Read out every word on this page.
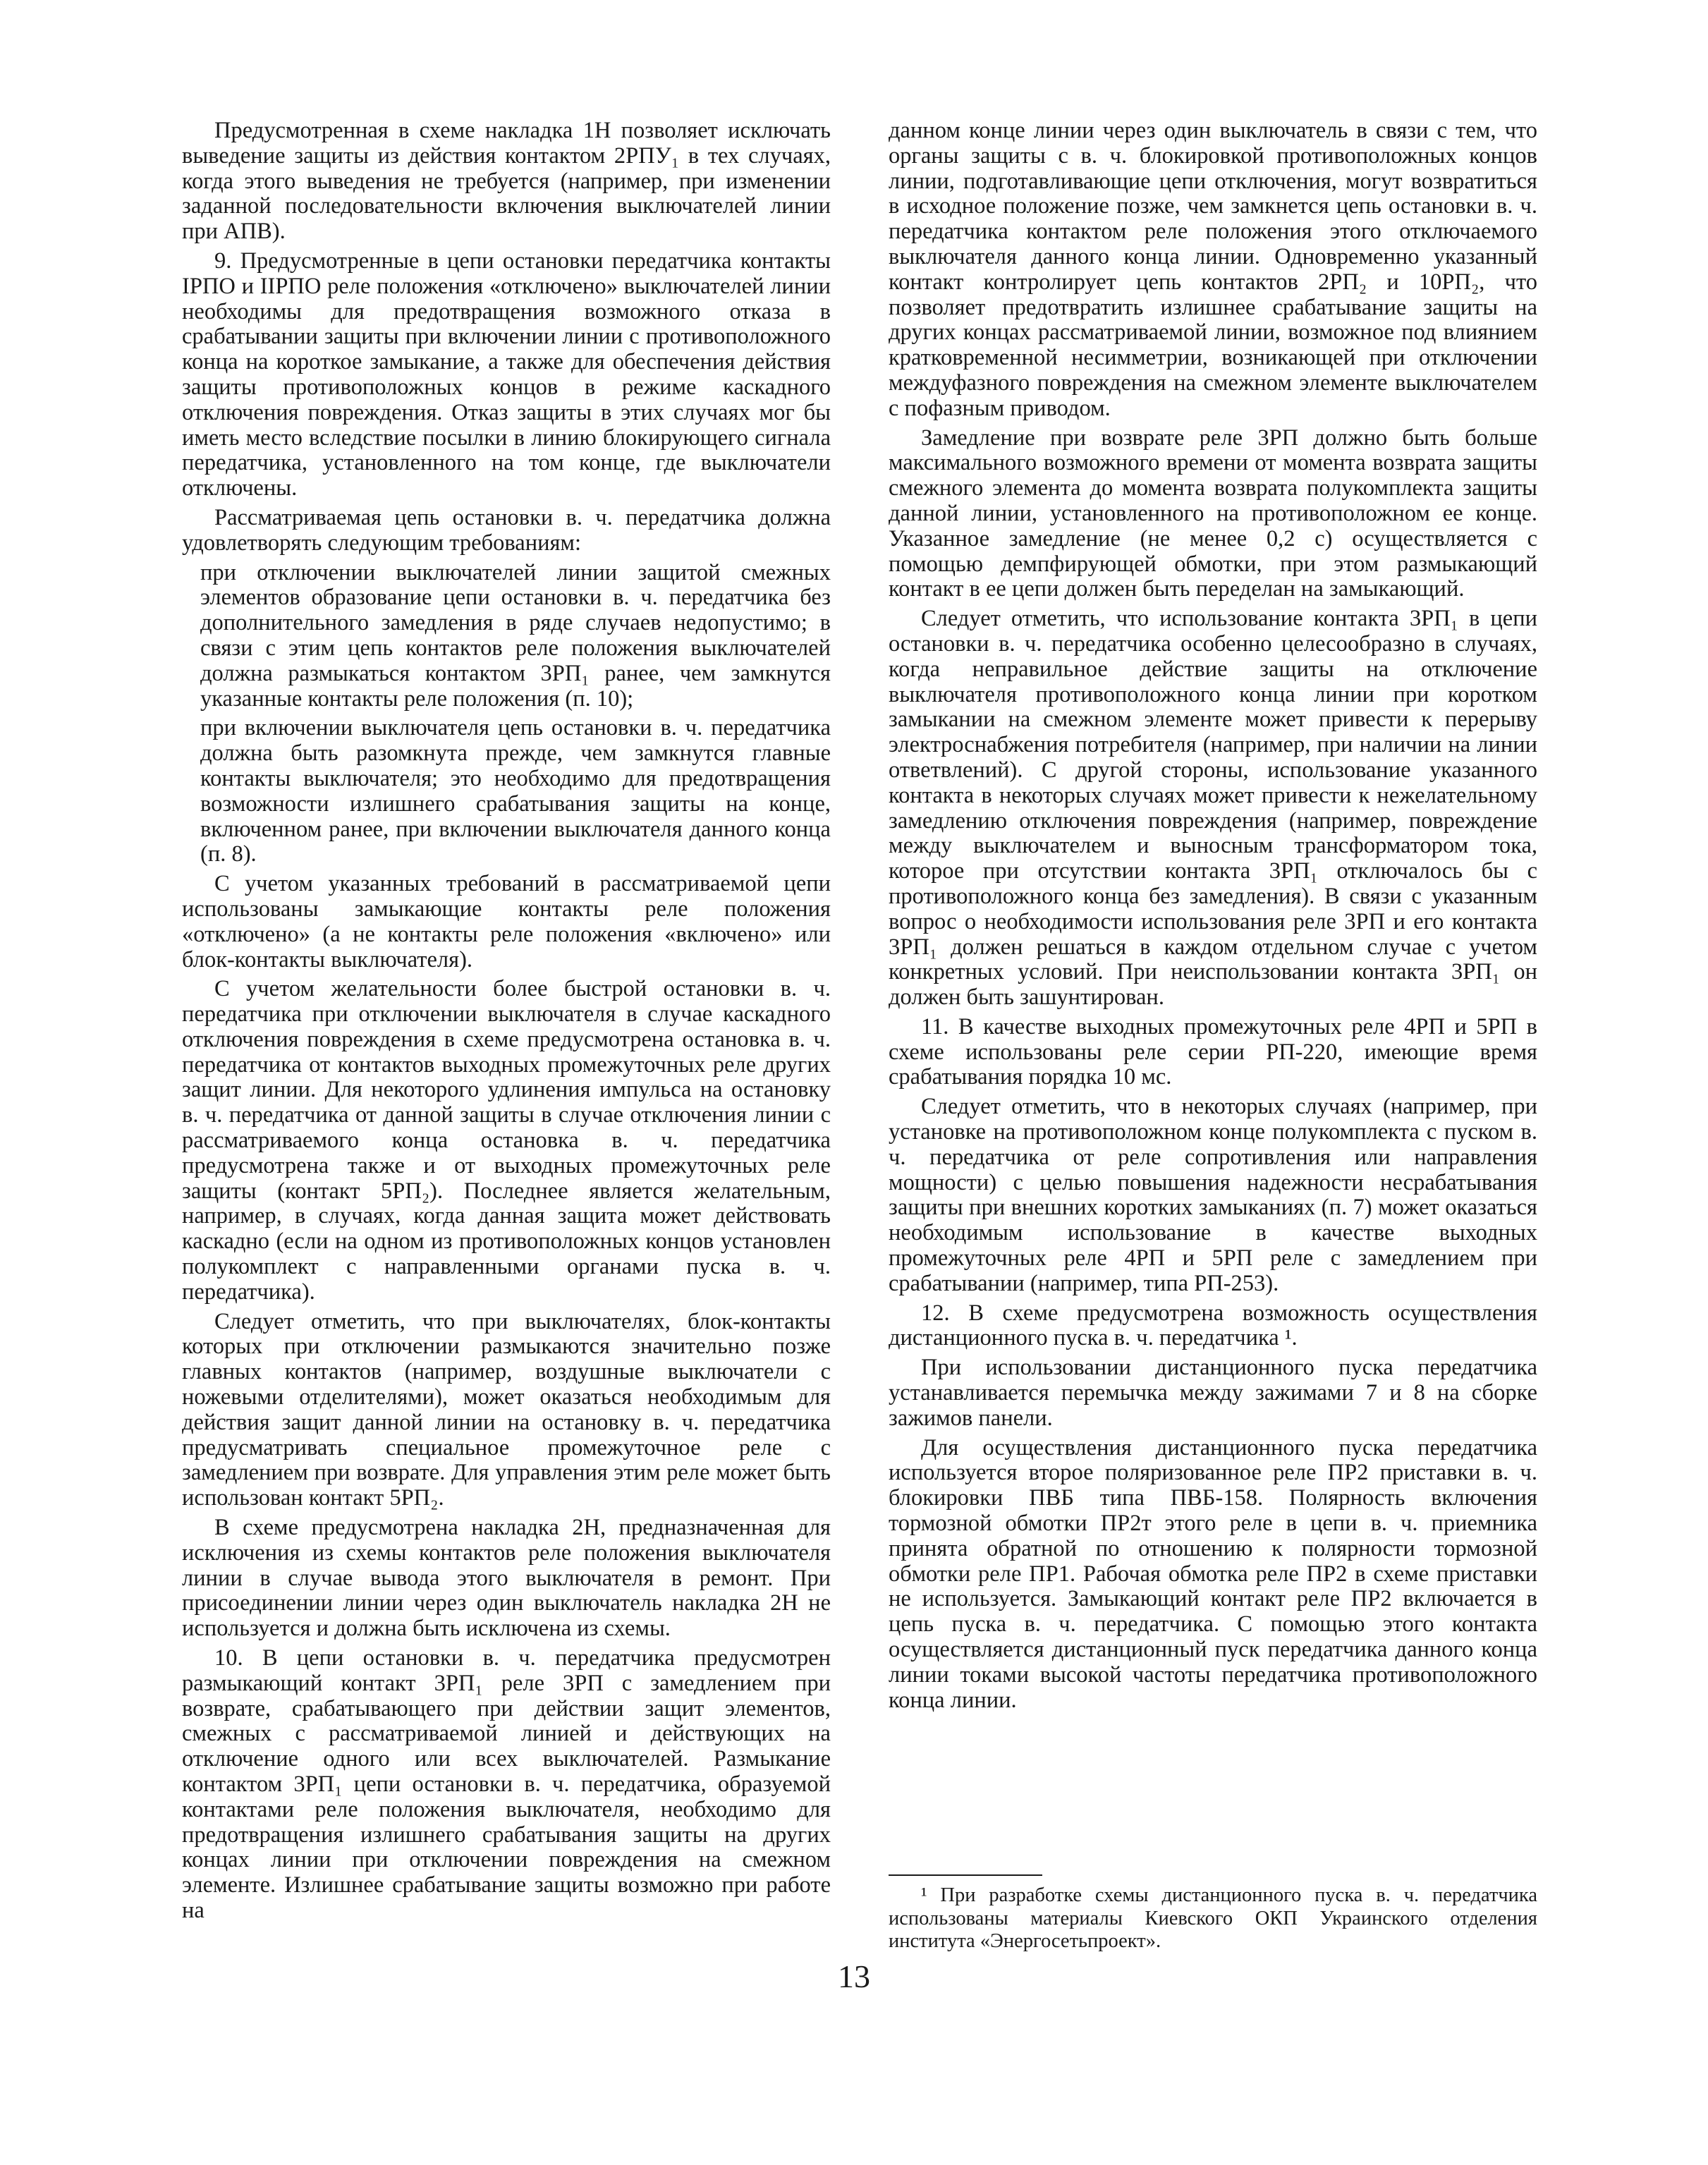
Предусмотренная в схеме накладка 1Н позволяет исключать выведение защиты из действия контактом 2РПУ₁ в тех случаях, когда этого выведения не требуется (например, при изменении заданной последовательности включения выключателей линии при АПВ).

9. Предусмотренные в цепи остановки передатчика контакты IРПО и IIРПО реле положения «отключено» выключателей линии необходимы для предотвращения возможного отказа в срабатывании защиты при включении линии с противоположного конца на короткое замыкание, а также для обеспечения действия защиты противоположных концов в режиме каскадного отключения повреждения. Отказ защиты в этих случаях мог бы иметь место вследствие посылки в линию блокирующего сигнала передатчика, установленного на том конце, где выключатели отключены.

Рассматриваемая цепь остановки в. ч. передатчика должна удовлетворять следующим требованиям:

при отключении выключателей линии защитой смежных элементов образование цепи остановки в. ч. передатчика без дополнительного замедления в ряде случаев недопустимо; в связи с этим цепь контактов реле положения выключателей должна размыкаться контактом 3РП₁ ранее, чем замкнутся указанные контакты реле положения (п. 10);

при включении выключателя цепь остановки в. ч. передатчика должна быть разомкнута прежде, чем замкнутся главные контакты выключателя; это необходимо для предотвращения возможности излишнего срабатывания защиты на конце, включенном ранее, при включении выключателя данного конца (п. 8).

С учетом указанных требований в рассматриваемой цепи использованы замыкающие контакты реле положения «отключено» (а не контакты реле положения «включено» или блок-контакты выключателя).

С учетом желательности более быстрой остановки в. ч. передатчика при отключении выключателя в случае каскадного отключения повреждения в схеме предусмотрена остановка в. ч. передатчика от контактов выходных промежуточных реле других защит линии. Для некоторого удлинения импульса на остановку в. ч. передатчика от данной защиты в случае отключения линии с рассматриваемого конца остановка в. ч. передатчика предусмотрена также и от выходных промежуточных реле защиты (контакт 5РП₂). Последнее является желательным, например, в случаях, когда данная защита может действовать каскадно (если на одном из противоположных концов установлен полукомплект с направленными органами пуска в. ч. передатчика).

Следует отметить, что при выключателях, блок-контакты которых при отключении размыкаются значительно позже главных контактов (например, воздушные выключатели с ножевыми отделителями), может оказаться необходимым для действия защит данной линии на остановку в. ч. передатчика предусматривать специальное промежуточное реле с замедлением при возврате. Для управления этим реле может быть использован контакт 5РП₂.

В схеме предусмотрена накладка 2Н, предназначенная для исключения из схемы контактов реле положения выключателя линии в случае вывода этого выключателя в ремонт. При присоединении линии через один выключатель накладка 2Н не используется и должна быть исключена из схемы.

10. В цепи остановки в. ч. передатчика предусмотрен размыкающий контакт 3РП₁ реле 3РП с замедлением при возврате, срабатывающего при действии защит элементов, смежных с рассматриваемой линией и действующих на отключение одного или всех выключателей. Размыкание контактом 3РП₁ цепи остановки в. ч. передатчика, образуемой контактами реле положения выключателя, необходимо для предотвращения излишнего срабатывания защиты на других концах линии при отключении повреждения на смежном элементе. Излишнее срабатывание защиты возможно при работе на

данном конце линии через один выключатель в связи с тем, что органы защиты с в. ч. блокировкой противоположных концов линии, подготавливающие цепи отключения, могут возвратиться в исходное положение позже, чем замкнется цепь остановки в. ч. передатчика контактом реле положения этого отключаемого выключателя данного конца линии. Одновременно указанный контакт контролирует цепь контактов 2РП₂ и 10РП₂, что позволяет предотвратить излишнее срабатывание защиты на других концах рассматриваемой линии, возможное под влиянием кратковременной несимметрии, возникающей при отключении междуфазного повреждения на смежном элементе выключателем с пофазным приводом.

Замедление при возврате реле 3РП должно быть больше максимального возможного времени от момента возврата защиты смежного элемента до момента возврата полукомплекта защиты данной линии, установленного на противоположном ее конце. Указанное замедление (не менее 0,2 с) осуществляется с помощью демпфирующей обмотки, при этом размыкающий контакт в ее цепи должен быть переделан на замыкающий.

Следует отметить, что использование контакта 3РП₁ в цепи остановки в. ч. передатчика особенно целесообразно в случаях, когда неправильное действие защиты на отключение выключателя противоположного конца линии при коротком замыкании на смежном элементе может привести к перерыву электроснабжения потребителя (например, при наличии на линии ответвлений). С другой стороны, использование указанного контакта в некоторых случаях может привести к нежелательному замедлению отключения повреждения (например, повреждение между выключателем и выносным трансформатором тока, которое при отсутствии контакта 3РП₁ отключалось бы с противоположного конца без замедления). В связи с указанным вопрос о необходимости использования реле 3РП и его контакта 3РП₁ должен решаться в каждом отдельном случае с учетом конкретных условий. При неиспользовании контакта 3РП₁ он должен быть зашунтирован.

11. В качестве выходных промежуточных реле 4РП и 5РП в схеме использованы реле серии РП-220, имеющие время срабатывания порядка 10 мс.

Следует отметить, что в некоторых случаях (например, при установке на противоположном конце полукомплекта с пуском в. ч. передатчика от реле сопротивления или направления мощности) с целью повышения надежности несрабатывания защиты при внешних коротких замыканиях (п. 7) может оказаться необходимым использование в качестве выходных промежуточных реле 4РП и 5РП реле с замедлением при срабатывании (например, типа РП-253).

12. В схеме предусмотрена возможность осуществления дистанционного пуска в. ч. передатчика ¹.

При использовании дистанционного пуска передатчика устанавливается перемычка между зажимами 7 и 8 на сборке зажимов панели.

Для осуществления дистанционного пуска передатчика используется второе поляризованное реле ПР2 приставки в. ч. блокировки ПВБ типа ПВБ-158. Полярность включения тормозной обмотки ПР2т этого реле в цепи в. ч. приемника принята обратной по отношению к полярности тормозной обмотки реле ПР1. Рабочая обмотка реле ПР2 в схеме приставки не используется. Замыкающий контакт реле ПР2 включается в цепь пуска в. ч. передатчика. С помощью этого контакта осуществляется дистанционный пуск передатчика данного конца линии токами высокой частоты передатчика противоположного конца линии.

¹ При разработке схемы дистанционного пуска в. ч. передатчика использованы материалы Киевского ОКП Украинского отделения института «Энергосетьпроект».

13
